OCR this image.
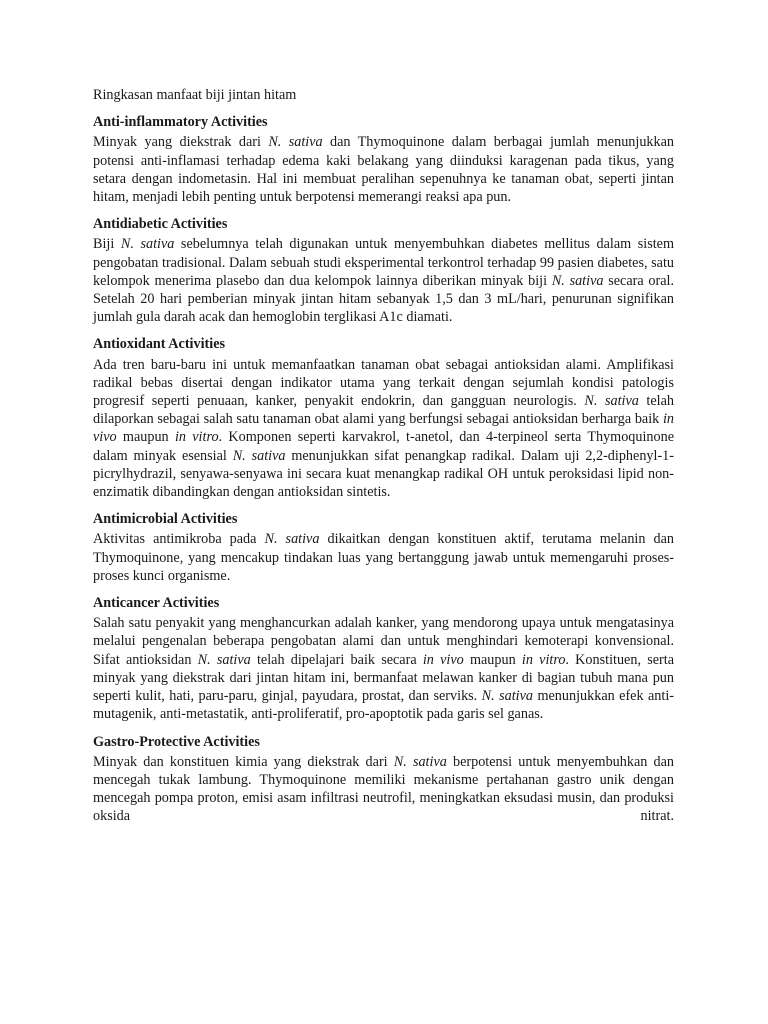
Ringkasan manfaat biji jintan hitam

Anti-inflammatory Activities

Minyak yang diekstrak dari N. sativa dan Thymoquinone dalam berbagai jumlah menunjukkan potensi anti-inflamasi terhadap edema kaki belakang yang diinduksi karagenan pada tikus, yang setara dengan indometasin. Hal ini membuat peralihan sepenuhnya ke tanaman obat, seperti jintan hitam, menjadi lebih penting untuk berpotensi memerangi reaksi apa pun.

Antidiabetic Activities

Biji N. sativa sebelumnya telah digunakan untuk menyembuhkan diabetes mellitus dalam sistem pengobatan tradisional. Dalam sebuah studi eksperimental terkontrol terhadap 99 pasien diabetes, satu kelompok menerima plasebo dan dua kelompok lainnya diberikan minyak biji N. sativa secara oral. Setelah 20 hari pemberian minyak jintan hitam sebanyak 1,5 dan 3 mL/hari, penurunan signifikan jumlah gula darah acak dan hemoglobin terglikasi A1c diamati.

Antioxidant Activities

Ada tren baru-baru ini untuk memanfaatkan tanaman obat sebagai antioksidan alami. Amplifikasi radikal bebas disertai dengan indikator utama yang terkait dengan sejumlah kondisi patologis progresif seperti penuaan, kanker, penyakit endokrin, dan gangguan neurologis. N. sativa telah dilaporkan sebagai salah satu tanaman obat alami yang berfungsi sebagai antioksidan berharga baik in vivo maupun in vitro. Komponen seperti karvakrol, t-anetol, dan 4-terpineol serta Thymoquinone dalam minyak esensial N. sativa menunjukkan sifat penangkap radikal. Dalam uji 2,2-diphenyl-1-picrylhydrazil, senyawa-senyawa ini secara kuat menangkap radikal OH untuk peroksidasi lipid non-enzimatik dibandingkan dengan antioksidan sintetis.

Antimicrobial Activities

Aktivitas antimikroba pada N. sativa dikaitkan dengan konstituen aktif, terutama melanin dan Thymoquinone, yang mencakup tindakan luas yang bertanggung jawab untuk memengaruhi proses-proses kunci organisme.

Anticancer Activities

Salah satu penyakit yang menghancurkan adalah kanker, yang mendorong upaya untuk mengatasinya melalui pengenalan beberapa pengobatan alami dan untuk menghindari kemoterapi konvensional. Sifat antioksidan N. sativa telah dipelajari baik secara in vivo maupun in vitro. Konstituen, serta minyak yang diekstrak dari jintan hitam ini, bermanfaat melawan kanker di bagian tubuh mana pun seperti kulit, hati, paru-paru, ginjal, payudara, prostat, dan serviks. N. sativa menunjukkan efek anti-mutagenik, anti-metastatik, anti-proliferatif, pro-apoptotik pada garis sel ganas.

Gastro-Protective Activities

Minyak dan konstituen kimia yang diekstrak dari N. sativa berpotensi untuk menyembuhkan dan mencegah tukak lambung. Thymoquinone memiliki mekanisme pertahanan gastro unik dengan mencegah pompa proton, emisi asam infiltrasi neutrofil, meningkatkan eksudasi musin, dan produksi oksida nitrat.
